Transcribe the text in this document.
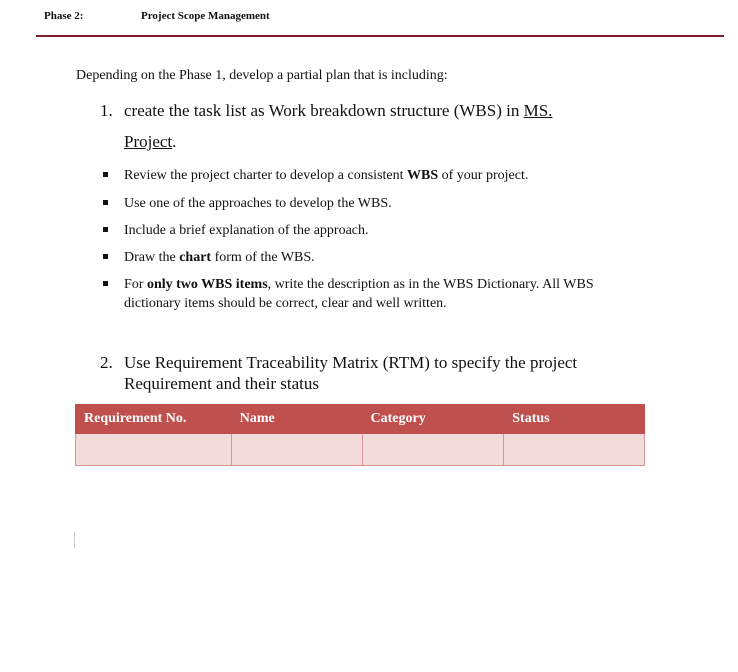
Phase 2:	Project Scope Management
Depending on the Phase 1, develop a partial plan that is including:
1. create the task list as Work breakdown structure (WBS) in MS.
Project.
Review the project charter to develop a consistent WBS of your project.
Use one of the approaches to develop the WBS.
Include a brief explanation of the approach.
Draw the chart form of the WBS.
For only two WBS items, write the description as in the WBS Dictionary. All WBS dictionary items should be correct, clear and well written.
2. Use Requirement Traceability Matrix (RTM) to specify the project Requirement and their status
Requirement No.	Name	Category	Status
